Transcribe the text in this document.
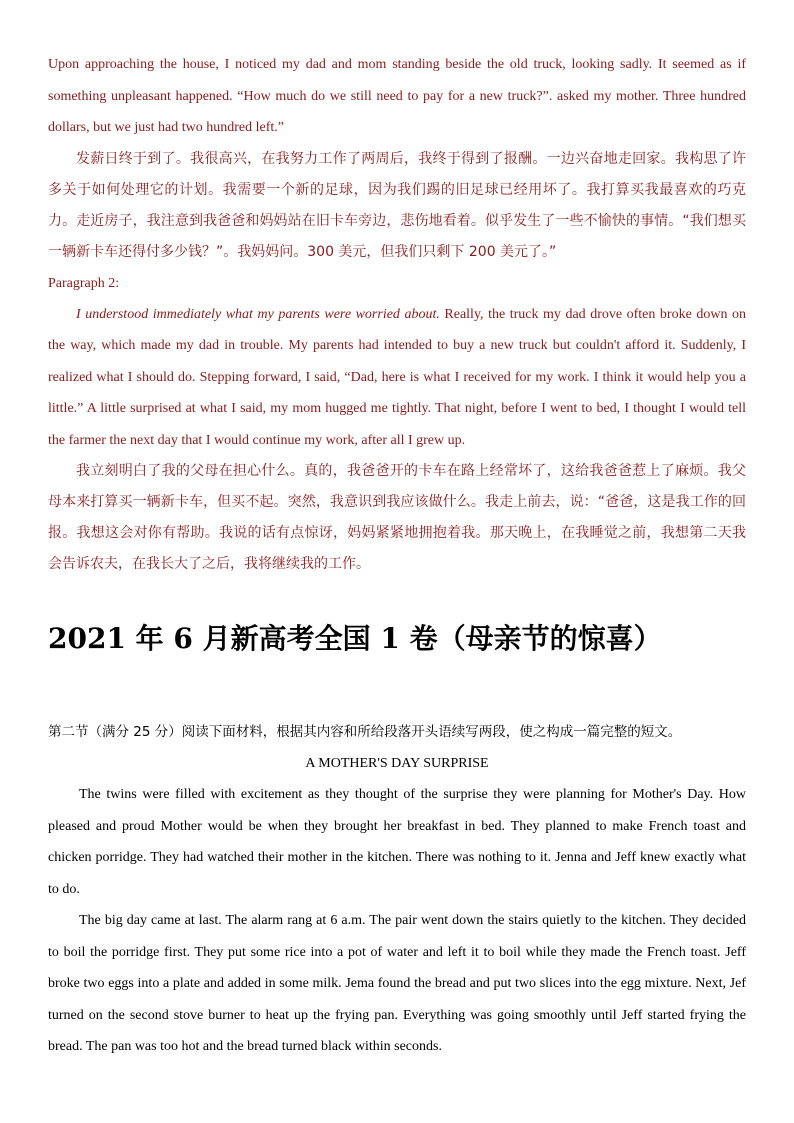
Upon approaching the house, I noticed my dad and mom standing beside the old truck, looking sadly. It seemed as if something unpleasant happened. “How much do we still need to pay for a new truck?”. asked my mother. Three hundred dollars, but we just had two hundred left.”

发薪日终于到了。我很高兴，在我努力工作了两周后，我终于得到了报酬。一边兴奋地走回家。我构思了许多关于如何处理它的计划。我需要一个新的足球，因为我们踢的旧足球已经用坏了。我打算买我最喜欢的巧克力。走近房子，我注意到我爸爸和妈妈站在旧卡车旁边，悲伤地看着。似乎发生了一些不愉快的事情。“我们想买一辆新卡车还得付多少钱？”。我妈妈问。300 美元，但我们只剩下 200 美元了。”

Paragraph 2:

I understood immediately what my parents were worried about. Really, the truck my dad drove often broke down on the way, which made my dad in trouble. My parents had intended to buy a new truck but couldn't afford it. Suddenly, I realized what I should do. Stepping forward, I said, “Dad, here is what I received for my work. I think it would help you a little.” A little surprised at what I said, my mom hugged me tightly. That night, before I went to bed, I thought I would tell the farmer the next day that I would continue my work, after all I grew up.

我立刻明白了我的父母在担心什么。真的，我爸爸开的卡车在路上经常坏了，这给我爸爸惹上了麻烦。我父母本来打算买一辆新卡车，但买不起。突然，我意识到我应该做什么。我走上前去，说：“爸爸，这是我工作的回报。我想这会对你有帮助。我说的话有点惊讶，妈妈紧紧地拥抱着我。那天晚上，在我睡觉之前，我想第二天我会告诉农夫，在我长大了之后，我将继续我的工作。

2021 年 6 月新高考全国 1 卷（母亲节的惊喜）

第二节（满分 25 分）阅读下面材料，根据其内容和所给段落开头语续写两段，使之构成一篇完整的短文。

A MOTHER'S DAY SURPRISE

The twins were filled with excitement as they thought of the surprise they were planning for Mother's Day. How pleased and proud Mother would be when they brought her breakfast in bed. They planned to make French toast and chicken porridge. They had watched their mother in the kitchen. There was nothing to it. Jenna and Jeff knew exactly what to do.

The big day came at last. The alarm rang at 6 a.m. The pair went down the stairs quietly to the kitchen. They decided to boil the porridge first. They put some rice into a pot of water and left it to boil while they made the French toast. Jeff broke two eggs into a plate and added in some milk. Jema found the bread and put two slices into the egg mixture. Next, Jef turned on the second stove burner to heat up the frying pan. Everything was going smoothly until Jeff started frying the bread. The pan was too hot and the bread turned black within seconds.
